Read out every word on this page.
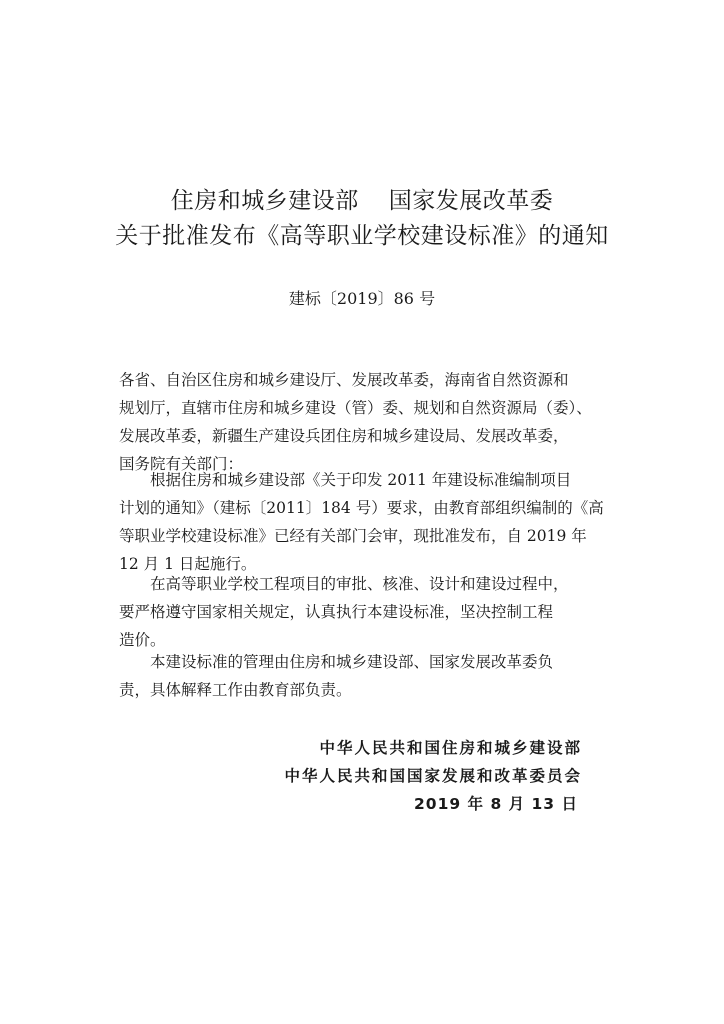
住房和城乡建设部 国家发展改革委
关于批准发布《高等职业学校建设标准》的通知
建标〔2019〕86 号
各省、自治区住房和城乡建设厅、发展改革委，海南省自然资源和
规划厅，直辖市住房和城乡建设（管）委、规划和自然资源局（委）、
发展改革委，新疆生产建设兵团住房和城乡建设局、发展改革委，
国务院有关部门：
根据住房和城乡建设部《关于印发 2011 年建设标准编制项目
计划的通知》（建标〔2011〕184 号）要求，由教育部组织编制的《高
等职业学校建设标准》已经有关部门会审，现批准发布，自 2019 年
12 月 1 日起施行。
在高等职业学校工程项目的审批、核准、设计和建设过程中，
要严格遵守国家相关规定，认真执行本建设标准，坚决控制工程
造价。
本建设标准的管理由住房和城乡建设部、国家发展改革委负
责，具体解释工作由教育部负责。
中华人民共和国住房和城乡建设部
中华人民共和国国家发展和改革委员会
2019 年 8 月 13 日
